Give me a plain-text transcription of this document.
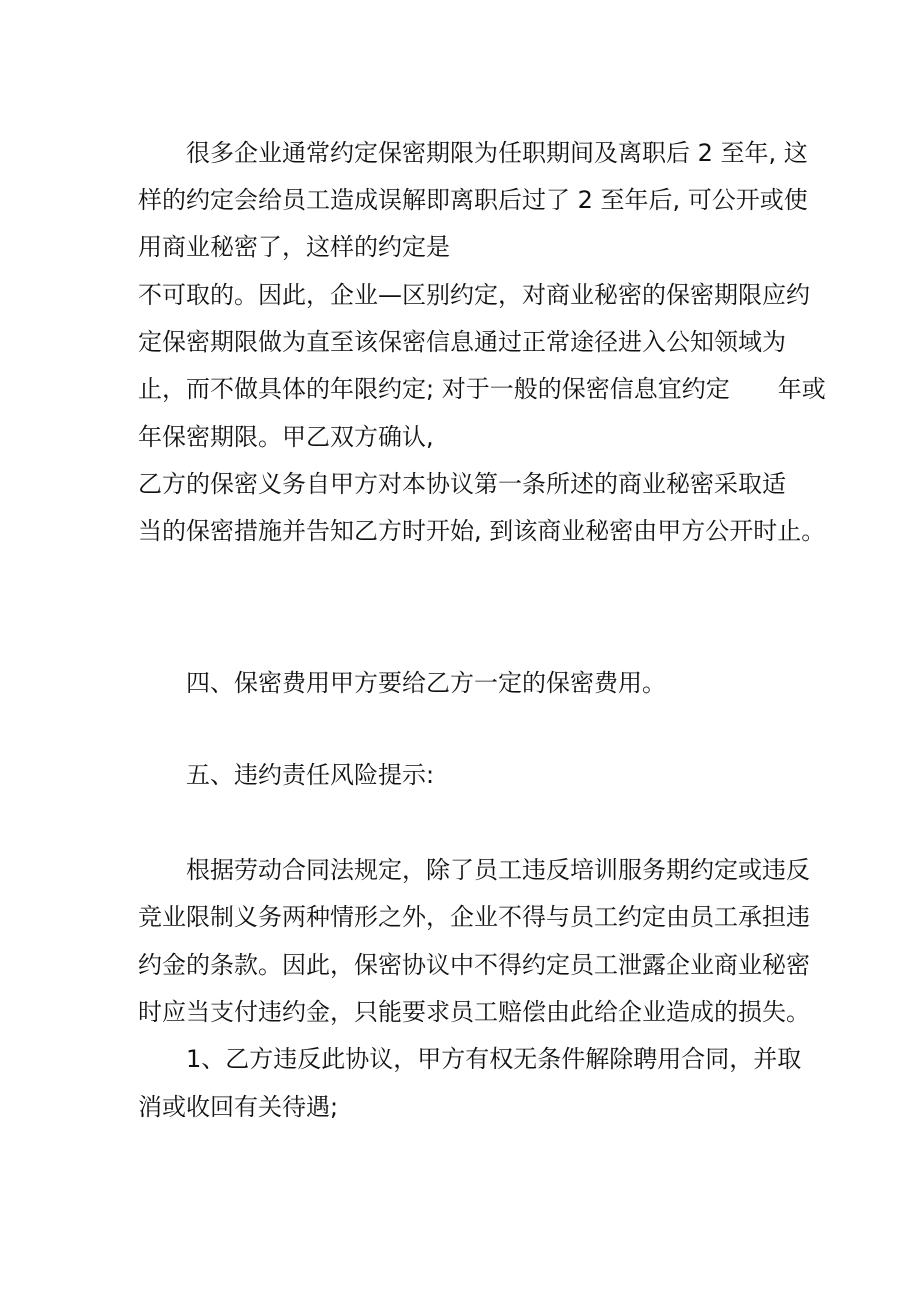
很多企业通常约定保密期限为任职期间及离职后 2 至年, 这
样的约定会给员工造成误解即离职后过了 2 至年后, 可公开或使
用商业秘密了，这样的约定是
不可取的。因此，企业—区别约定，对商业秘密的保密期限应约
定保密期限做为直至该保密信息通过正常途径进入公知领域为
止，而不做具体的年限约定; 对于一般的保密信息宜约定　　年或
年保密期限。甲乙双方确认,
乙方的保密义务自甲方对本协议第一条所述的商业秘密采取适
当的保密措施并告知乙方时开始, 到该商业秘密由甲方公开时止。
四、保密费用甲方要给乙方一定的保密费用。
五、违约责任风险提示:
根据劳动合同法规定，除了员工违反培训服务期约定或违反
竞业限制义务两种情形之外，企业不得与员工约定由员工承担违
约金的条款。因此，保密协议中不得约定员工泄露企业商业秘密
时应当支付违约金，只能要求员工赔偿由此给企业造成的损失。
1、乙方违反此协议，甲方有权无条件解除聘用合同，并取
消或收回有关待遇;
